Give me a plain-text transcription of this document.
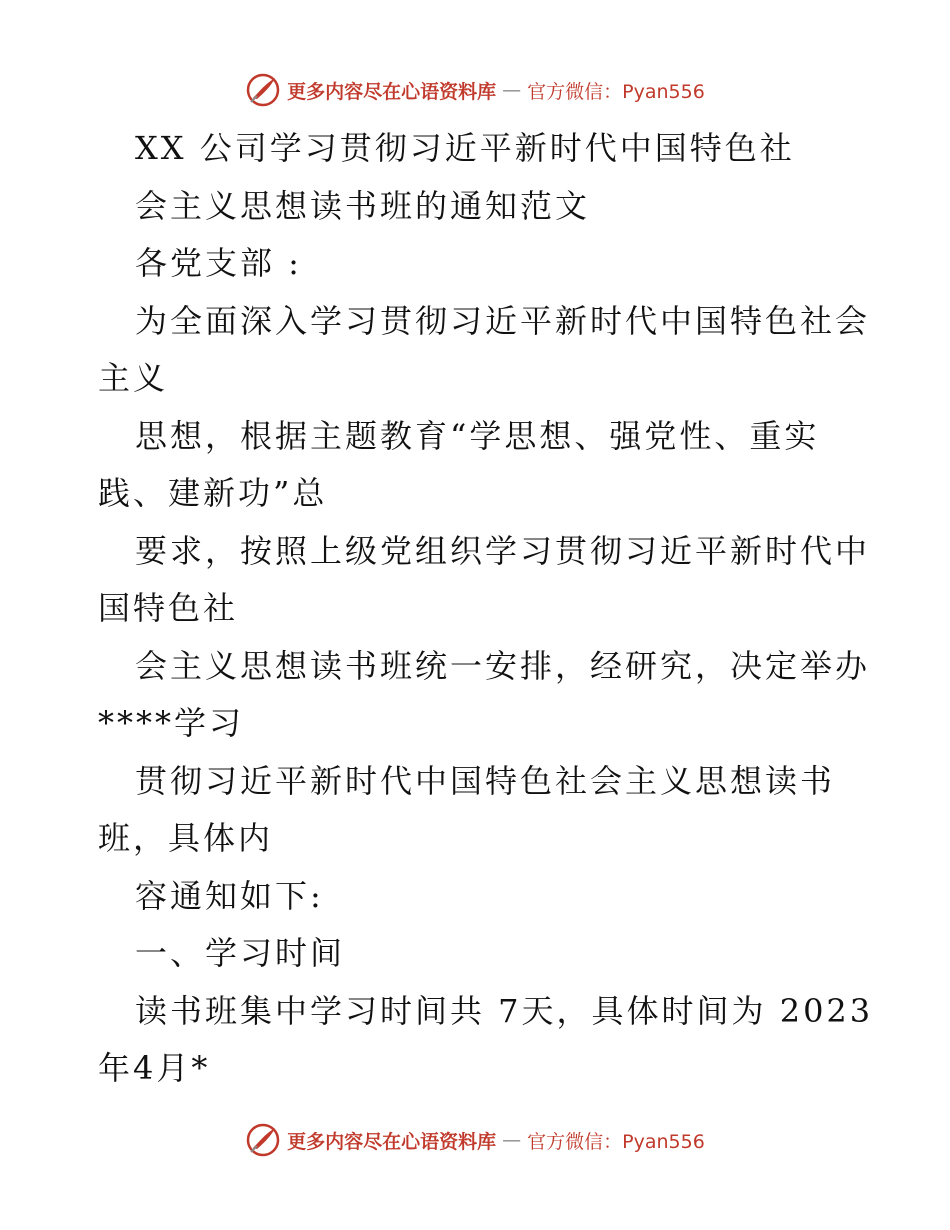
更多内容尽在心语资料库 — 官方微信：Pyan556
XX 公司学习贯彻习近平新时代中国特色社
会主义思想读书班的通知范文
各党支部 :
为全面深入学习贯彻习近平新时代中国特色社会
主义
思想，根据主题教育“学思想、强党性、重实
践、建新功”总
要求，按照上级党组织学习贯彻习近平新时代中
国特色社
会主义思想读书班统一安排，经研究，决定举办
****学习
贯彻习近平新时代中国特色社会主义思想读书
班，具体内
容通知如下:
一、学习时间
读书班集中学习时间共 7天，具体时间为 2023
年4月*
更多内容尽在心语资料库 — 官方微信：Pyan556
